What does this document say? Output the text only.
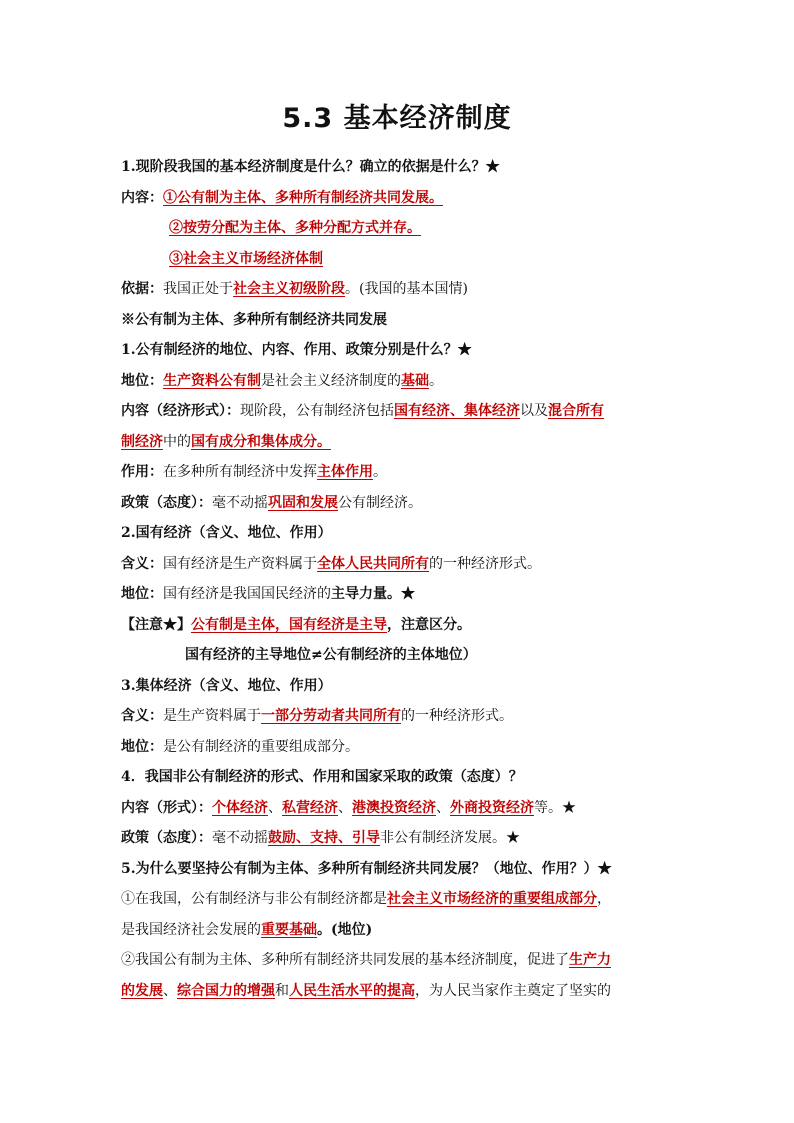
5.3 基本经济制度
1.现阶段我国的基本经济制度是什么？确立的依据是什么？★
内容：①公有制为主体、多种所有制经济共同发展。
②按劳分配为主体、多种分配方式并存。
③社会主义市场经济体制
依据：我国正处于社会主义初级阶段。(我国的基本国情)
※公有制为主体、多种所有制经济共同发展
1.公有制经济的地位、内容、作用、政策分别是什么？★
地位：生产资料公有制是社会主义经济制度的基础。
内容（经济形式）：现阶段，公有制经济包括国有经济、集体经济以及混合所有
制经济中的国有成分和集体成分。
作用：在多种所有制经济中发挥主体作用。
政策（态度）：毫不动摇巩固和发展公有制经济。
2.国有经济（含义、地位、作用）
含义：国有经济是生产资料属于全体人民共同所有的一种经济形式。
地位：国有经济是我国国民经济的主导力量。★
【注意★】公有制是主体，国有经济是主导，注意区分。
国有经济的主导地位≠公有制经济的主体地位）
3.集体经济（含义、地位、作用）
含义：是生产资料属于一部分劳动者共同所有的一种经济形式。
地位：是公有制经济的重要组成部分。
4．我国非公有制经济的形式、作用和国家采取的政策（态度）？
内容（形式）：个体经济、私营经济、港澳投资经济、外商投资经济等。★
政策（态度）：毫不动摇鼓励、支持、引导非公有制经济发展。★
5.为什么要坚持公有制为主体、多种所有制经济共同发展？（地位、作用？）★
①在我国，公有制经济与非公有制经济都是社会主义市场经济的重要组成部分，
是我国经济社会发展的重要基础。(地位)
②我国公有制为主体、多种所有制经济共同发展的基本经济制度，促进了生产力
的发展、综合国力的增强和人民生活水平的提高，为人民当家作主奠定了坚实的
